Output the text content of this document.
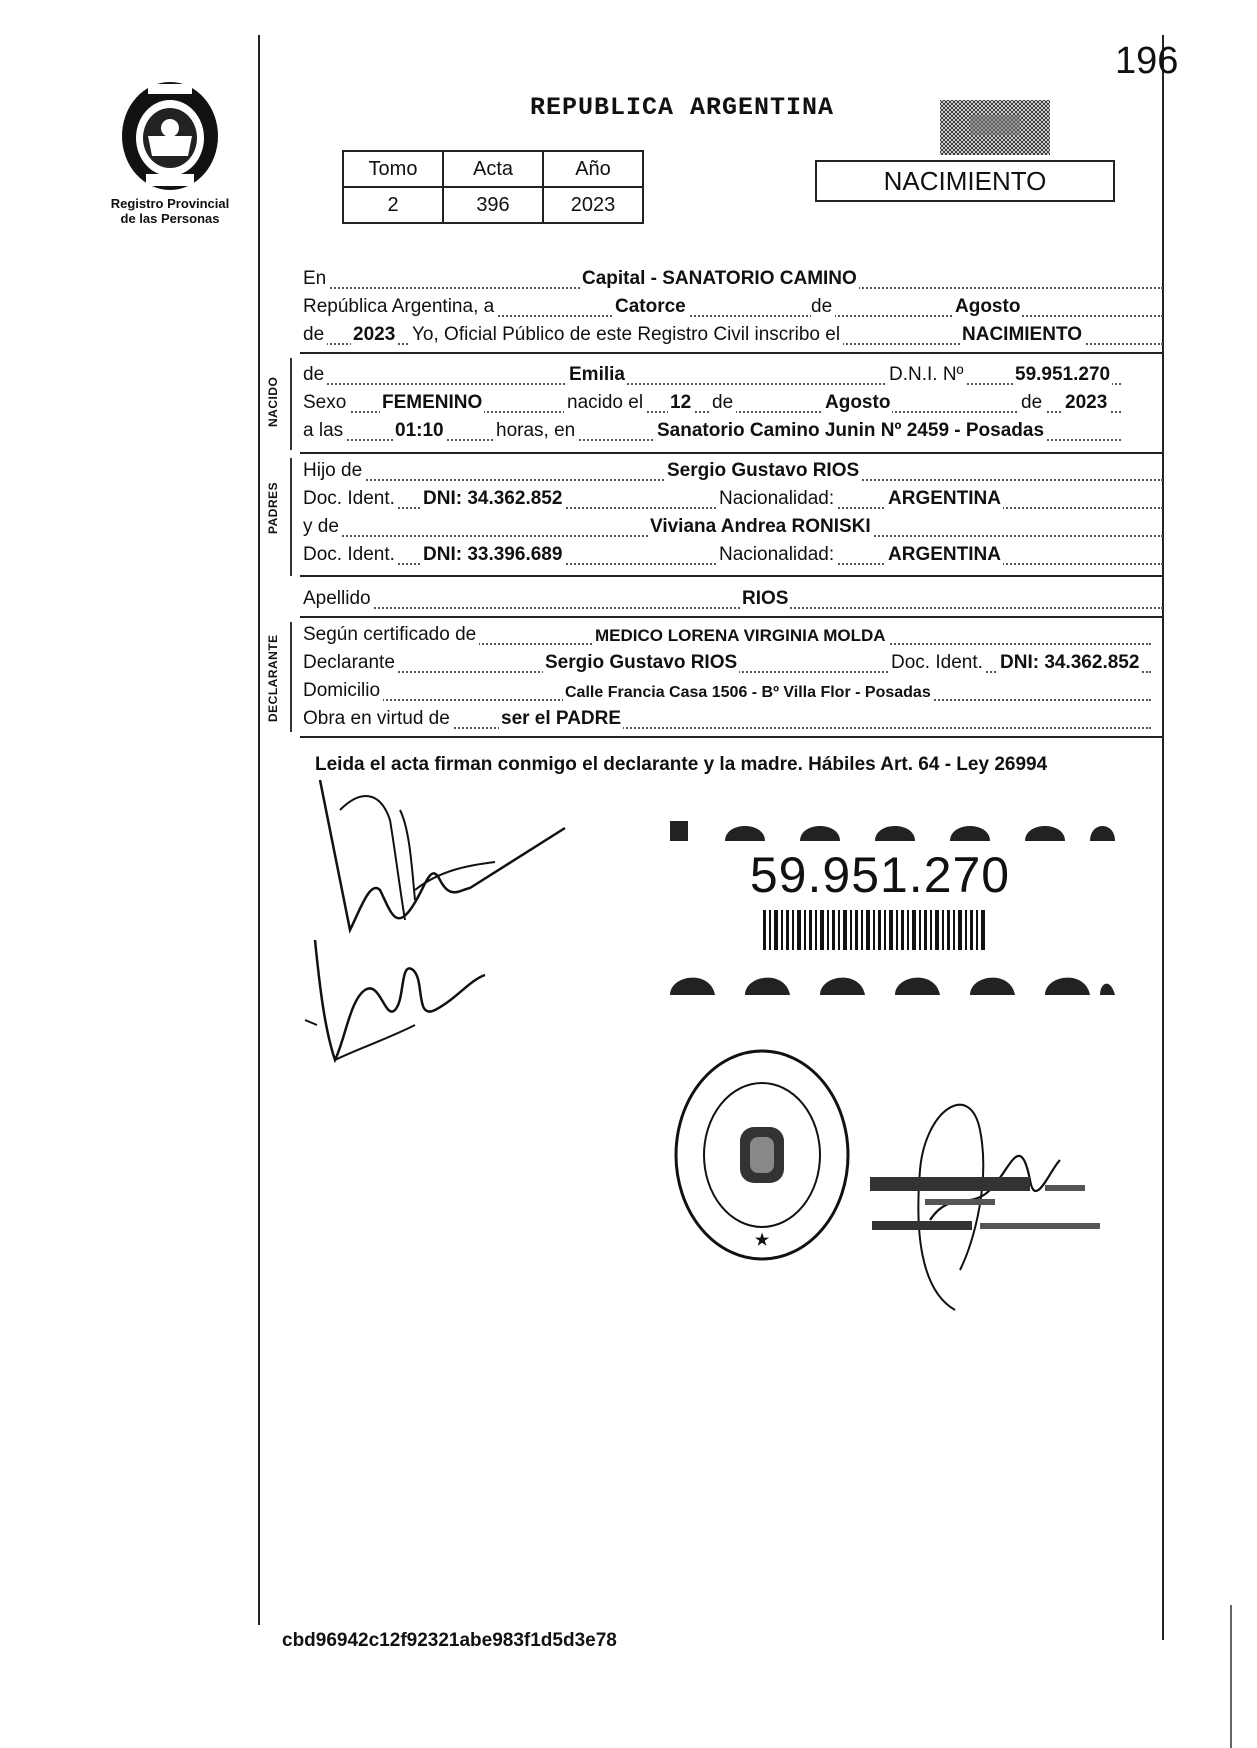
196
Registro Provincial
de las Personas
REPUBLICA ARGENTINA
Tomo	Acta	Año
2	396	2023
NACIMIENTO
En	Capital - SANATORIO CAMINO
República Argentina, a	Catorce	de	Agosto
de 2023 Yo, Oficial Público de este Registro Civil inscribo el	NACIMIENTO
NACIDO
de	Emilia	D.N.I. Nº	59.951.270
Sexo FEMENINO	nacido el 12 de	Agosto	de 2023
a las	01:10	horas, en	Sanatorio Camino Junin Nº 2459 - Posadas
PADRES
Hijo de	Sergio Gustavo RIOS
Doc. Ident. DNI: 34.362.852	Nacionalidad:	ARGENTINA
y de	Viviana Andrea RONISKI
Doc. Ident. DNI: 33.396.689	Nacionalidad:	ARGENTINA
Apellido	RIOS
DECLARANTE Según certificado de	MEDICO LORENA VIRGINIA MOLDA
Declarante	Sergio Gustavo RIOS	Doc. Ident. DNI: 34.362.852
Domicilio	Calle Francia Casa 1506 - Bº Villa Flor - Posadas
Obra en virtud de	ser el PADRE
Leida el acta firman conmigo el declarante y la madre. Hábiles Art. 64 - Ley 26994
59.951.270
★
cbd96942c12f92321abe983f1d5d3e78
